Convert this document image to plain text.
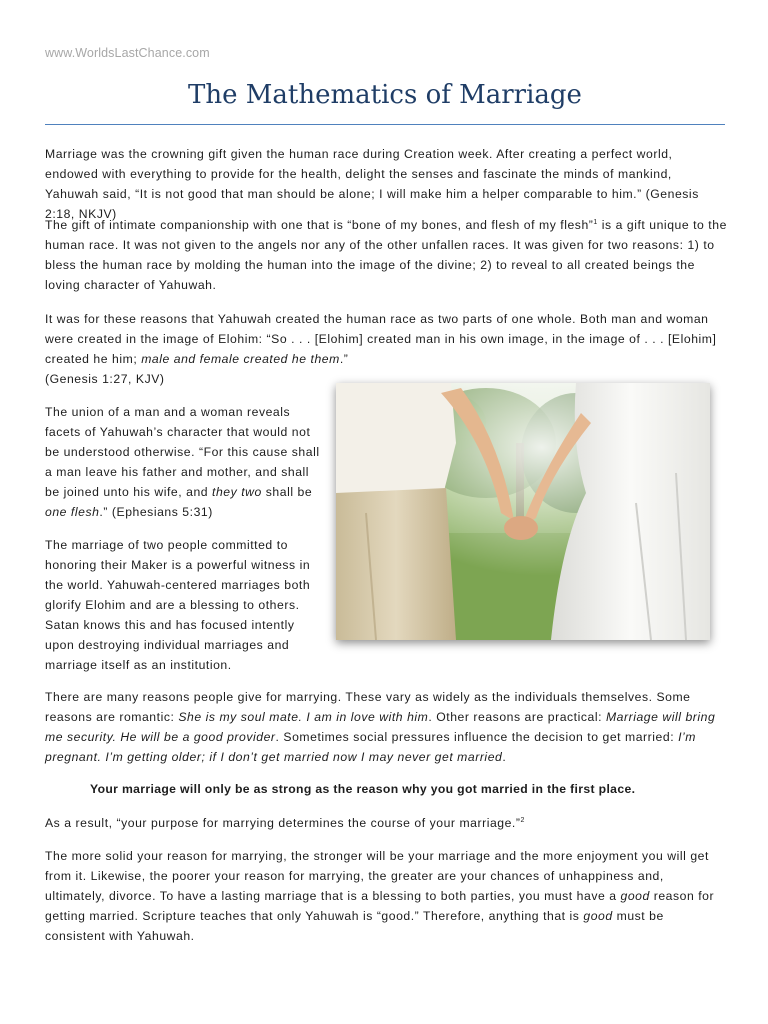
www.WorldsLastChance.com
The Mathematics of Marriage

Marriage was the crowning gift given the human race during Creation week. After creating a perfect world, endowed with everything to provide for the health, delight the senses and fascinate the minds of mankind, Yahuwah said, “It is not good that man should be alone; I will make him a helper comparable to him.” (Genesis 2:18, NKJV)

The gift of intimate companionship with one that is “bone of my bones, and flesh of my flesh”$^1$ is a gift unique to the human race. It was not given to the angels nor any of the other unfallen races. It was given for two reasons: 1) to bless the human race by molding the human into the image of the divine; 2) to reveal to all created beings the loving character of Yahuwah.

It was for these reasons that Yahuwah created the human race as two parts of one whole. Both man and woman were created in the image of Elohim: “So . . . [Elohim] created man in his own image, in the image of . . . [Elohim] created he him; male and female created he them.”
(Genesis 1:27, KJV)

The union of a man and a woman reveals facets of Yahuwah’s character that would not be understood otherwise. “For this cause shall a man leave his father and mother, and shall be joined unto his wife, and they two shall be one flesh.” (Ephesians 5:31)

The marriage of two people committed to honoring their Maker is a powerful witness in the world. Yahuwah-centered marriages both glorify Elohim and are a blessing to others. Satan knows this and has focused intently upon destroying individual marriages and marriage itself as an institution.

There are many reasons people give for marrying. These vary as widely as the individuals themselves. Some reasons are romantic: She is my soul mate. I am in love with him. Other reasons are practical: Marriage will bring me security. He will be a good provider. Sometimes social pressures influence the decision to get married: I’m pregnant. I’m getting older; if I don’t get married now I may never get married.

Your marriage will only be as strong as the reason why you got married in the first place.

As a result, “your purpose for marrying determines the course of your marriage.”$^2$

The more solid your reason for marrying, the stronger will be your marriage and the more enjoyment you will get from it. Likewise, the poorer your reason for marrying, the greater are your chances of unhappiness and, ultimately, divorce. To have a lasting marriage that is a blessing to both parties, you must have a good reason for getting married. Scripture teaches that only Yahuwah is “good.” Therefore, anything that is good must be consistent with Yahuwah.
